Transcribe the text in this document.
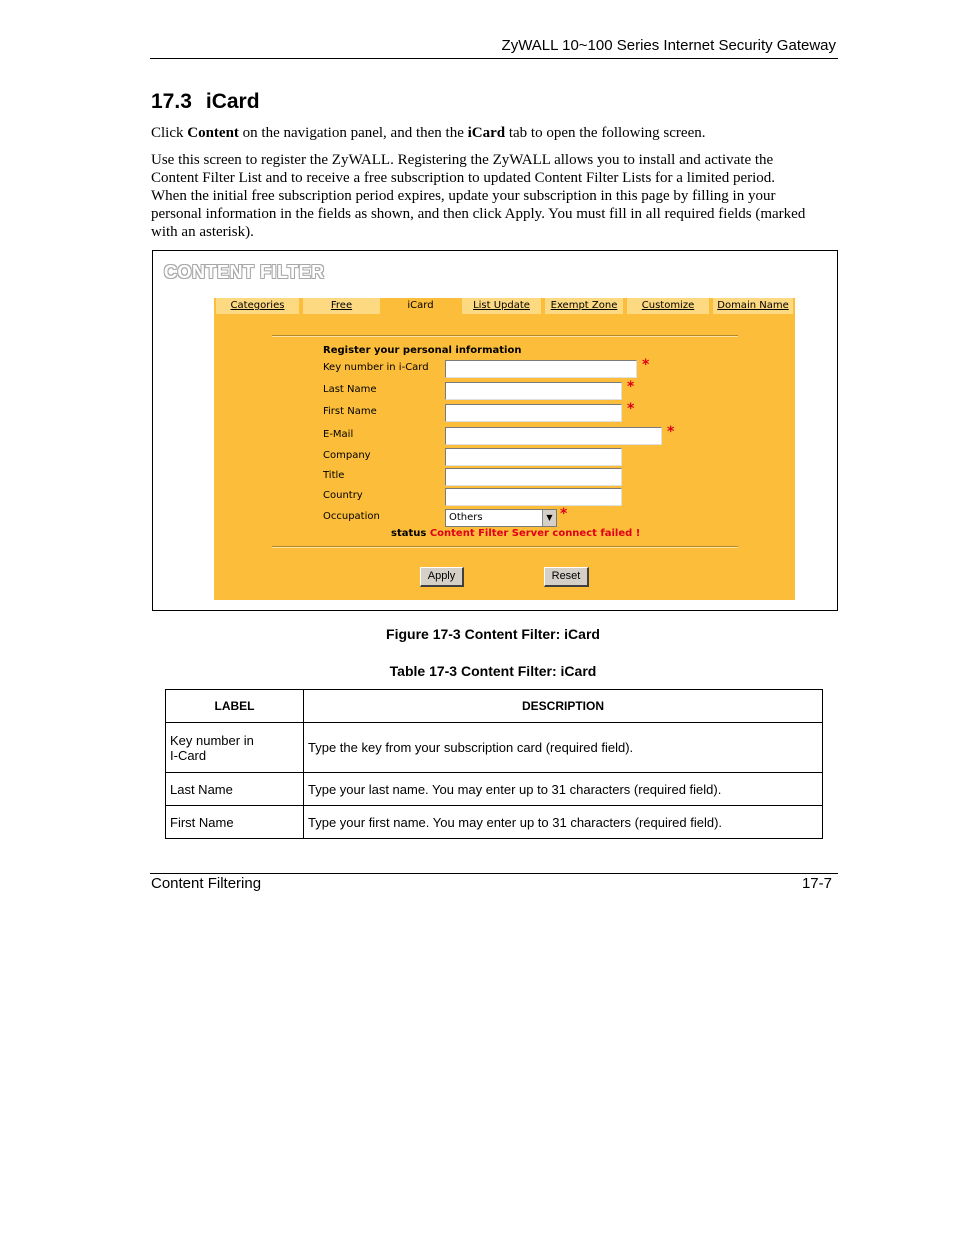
ZyWALL 10~100 Series Internet Security Gateway
17.3 iCard
Click Content on the navigation panel, and then the iCard tab to open the following screen.
Use this screen to register the ZyWALL. Registering the ZyWALL allows you to install and activate the
Content Filter List and to receive a free subscription to updated Content Filter Lists for a limited period.
When the initial free subscription period expires, update your subscription in this page by filling in your
personal information in the fields as shown, and then click Apply. You must fill in all required fields (marked
with an asterisk).
CONTENT FILTER
Categories	Free	iCard	List Update	Exempt Zone	Customize	Domain Name
Register your personal information
Key number in i-Card	*
Last Name	*
First Name	*
E-Mail	*
Company
Title
Country
Occupation	Others	▼ *
status Content Filter Server connect failed !
Apply	Reset
Figure 17-3 Content Filter: iCard
Table 17-3 Content Filter: iCard
LABEL	DESCRIPTION

Key number in
I-Card	Type the key from your subscription card (required field).
Last Name	Type your last name. You may enter up to 31 characters (required field).
First Name	Type your first name. You may enter up to 31 characters (required field).
Content Filtering	17-7
